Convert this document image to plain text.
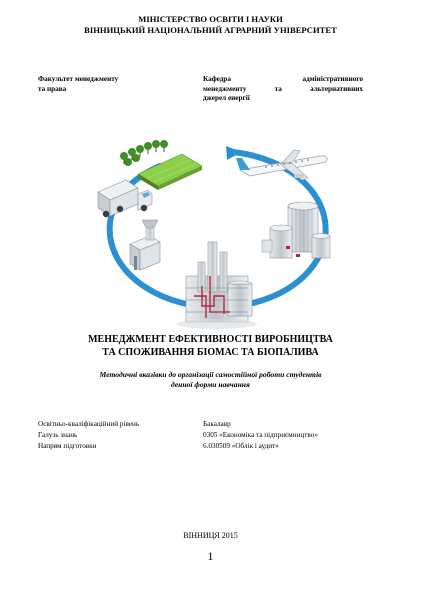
МІНІСТЕРСТВО ОСВІТИ І НАУКИ
ВІННИЦЬКИЙ НАЦІОНАЛЬНИЙ АГРАРНИЙ УНІВЕРСИТЕТ
Факультет менеджменту
та права
Кафедра адміністративного
менеджменту та альтернативних
джерел енергії
МЕНЕДЖМЕНТ ЕФЕКТИВНОСТІ ВИРОБНИЦТВА
ТА СПОЖИВАННЯ БІОМАС ТА БІОПАЛИВА
Методичні вказівки до організації самостійної роботи студентів
денної форми навчання
Освітньо-кваліфікаційний рівень	Бакалавр
Галузь знань	0305 «Економіка та підприємництво»
Напрям підготовки	6.030509 «Облік і аудит»
ВІННИЦЯ 2015
1
